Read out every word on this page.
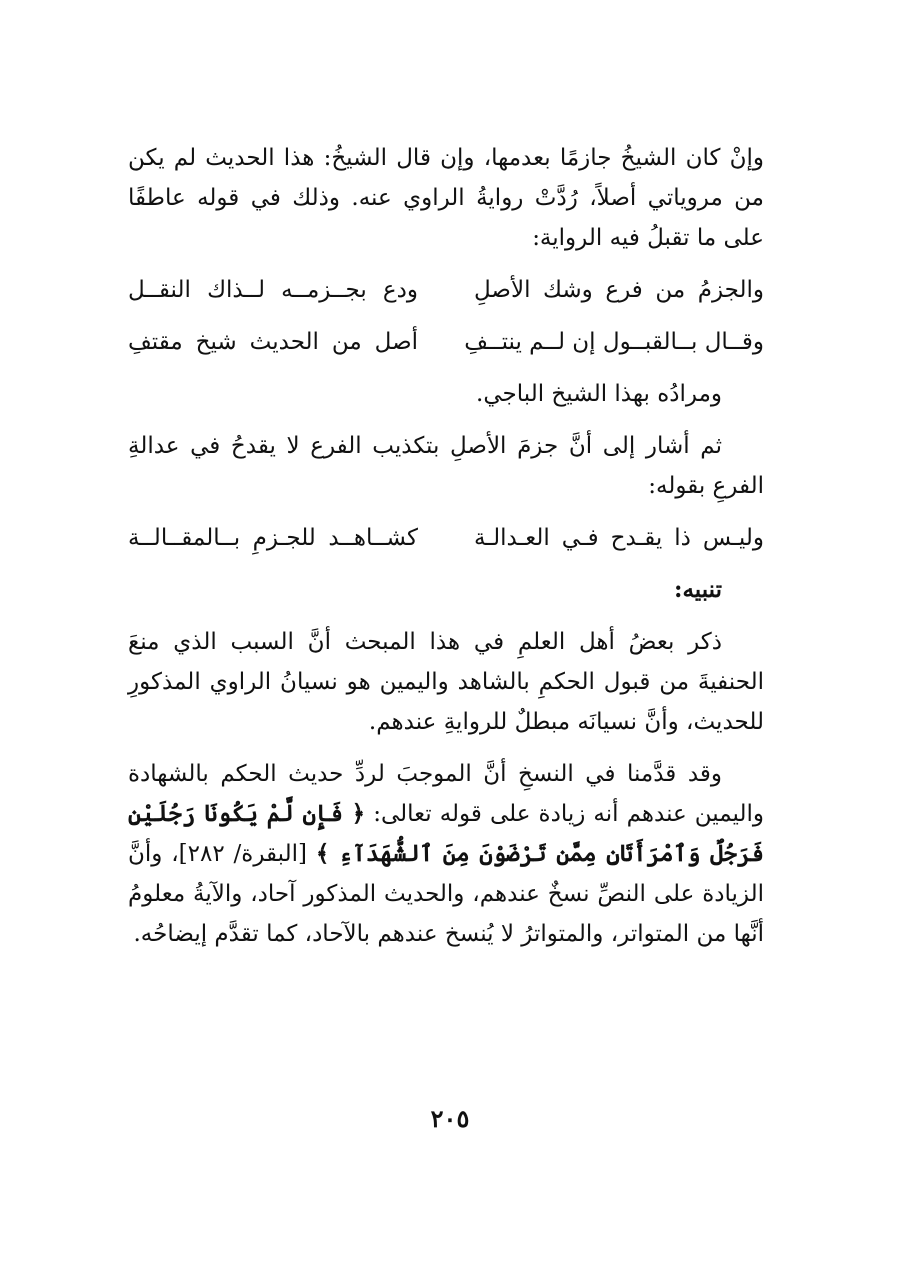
وإنْ كان الشيخُ جازمًا بعدمها، وإن قال الشيخُ: هذا الحديث لم يكن من مروياتي أصلاً، رُدَّتْ روايةُ الراوي عنه. وذلك في قوله عاطفًا على ما تقبلُ فيه الرواية:

والجزمُ من فرع وشك الأصلِ
ودع بجــزمــه لــذاك النقــل
وقــال بــالقبــول إن لــم ينتــفِ
أصل من الحديث شيخ مقتفِ

ومرادُه بهذا الشيخ الباجي.

ثم أشار إلى أنَّ جزمَ الأصلِ بتكذيب الفرع لا يقدحُ في عدالةِ الفرعِ بقوله:

وليـس ذا يقـدح فـي العـدالـة
كشــاهــد للجـزمِ بــالمقــالــة

تنبيه:

ذكر بعضُ أهل العلمِ في هذا المبحث أنَّ السبب الذي منعَ الحنفيةَ من قبول الحكمِ بالشاهد واليمين هو نسيانُ الراوي المذكورِ للحديث، وأنَّ نسيانَه مبطلٌ للروايةِ عندهم.

وقد قدَّمنا في النسخِ أنَّ الموجبَ لردِّ حديث الحكم بالشهادة واليمين عندهم أنه زيادة على قوله تعالى: ﴿ فَإِن لَّمْ يَكُونَا رَجُلَيْنِ فَرَجُلٌ وَٱمْرَأَتَانِ مِمَّن تَرْضَوْنَ مِنَ ٱلشُّهَدَآءِ ﴾ [البقرة/ ٢٨٢]، وأنَّ الزيادة على النصِّ نسخٌ عندهم، والحديث المذكور آحاد، والآيةُ معلومُ أنَّها من المتواتر، والمتواترُ لا يُنسخ عندهم بالآحاد، كما تقدَّم إيضاحُه.

٢٠٥
